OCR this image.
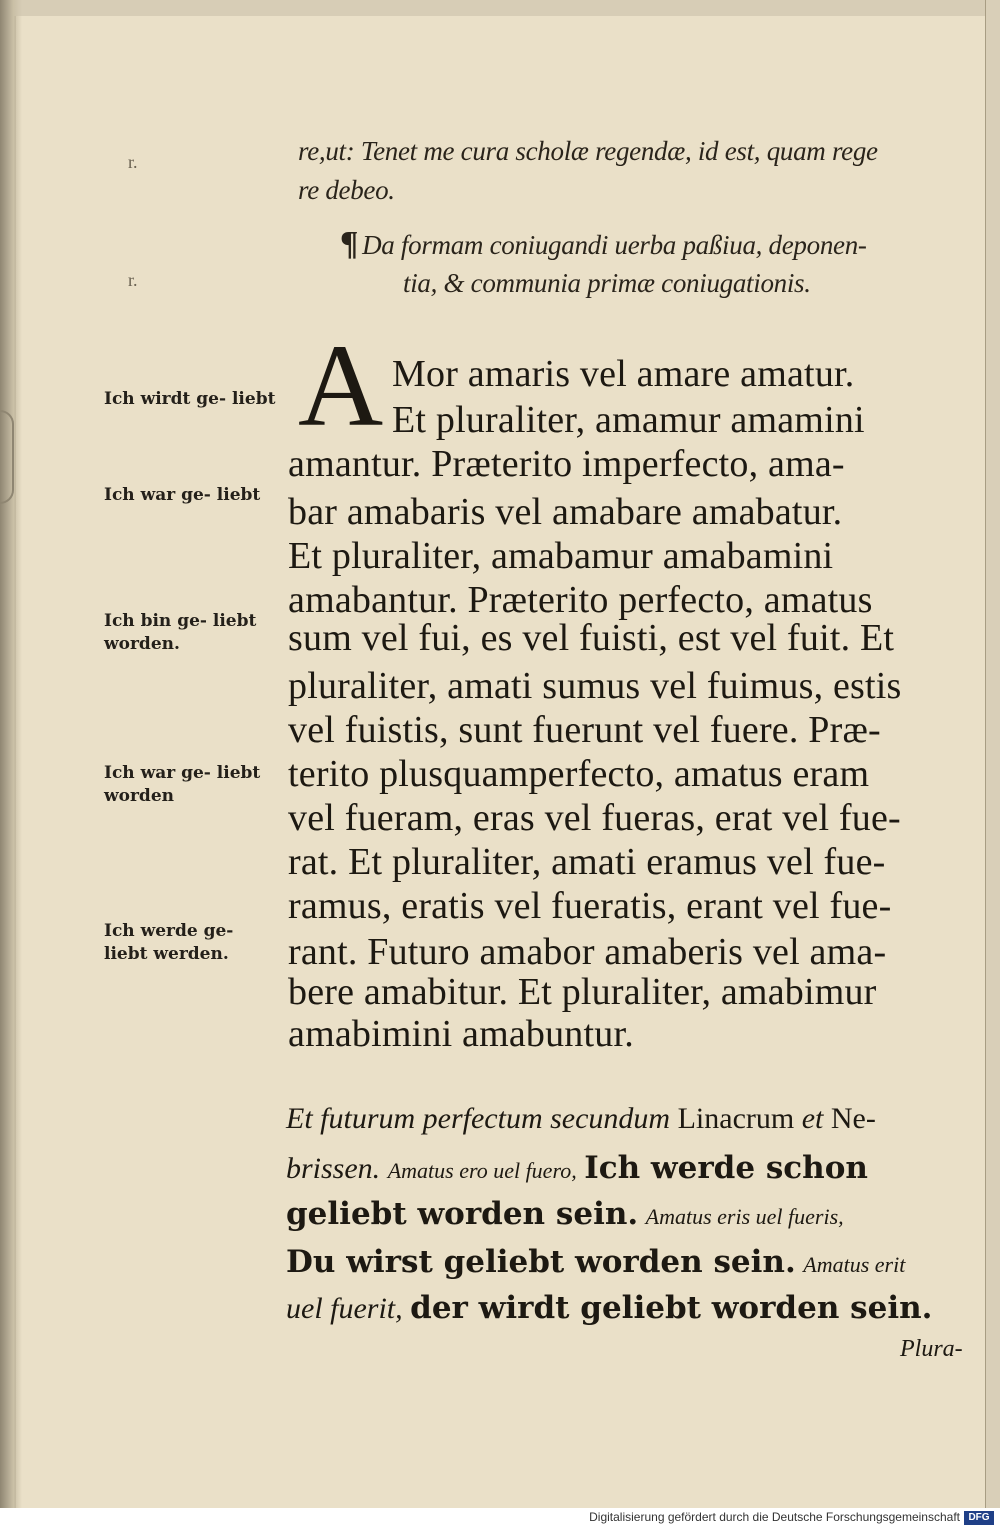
r.
r.
re,ut: Tenet me cura scholæ regendæ, id est, quam rege
re debeo.
¶ Da formam coniugandi uerba paßiua, deponen-
tia, & communia primæ coniugationis.
Ich wirdt ge- liebt
Ich war ge- liebt
Ich bin ge- liebt worden.
Ich war ge- liebt worden
Ich werde ge- liebt werden.
A Mor amaris vel amare amatur.
Et pluraliter, amamur amamini
amantur. Præterito imperfecto, ama-
bar amabaris vel amabare amabatur.
Et pluraliter, amabamur amabamini
amabantur. Præterito perfecto, amatus
sum vel fui, es vel fuisti, est vel fuit. Et
pluraliter, amati sumus vel fuimus, estis
vel fuistis, sunt fuerunt vel fuere. Præ-
terito plusquamperfecto, amatus eram
vel fueram, eras vel fueras, erat vel fue-
rat. Et pluraliter, amati eramus vel fue-
ramus, eratis vel fueratis, erant vel fue-
rant. Futuro amabor amaberis vel ama-
bere amabitur. Et pluraliter, amabimur
amabimini amabuntur.
Et futurum perfectum secundum Linacrum et Ne-
brissen. Amatus ero uel fuero, Ich werde schon
geliebt worden sein. Amatus eris uel fueris,
Du wirst geliebt worden sein. Amatus erit
uel fuerit, der wirdt geliebt worden sein.
Plura-
Digitalisierung gefördert durch die Deutsche Forschungsgemeinschaft DFG
